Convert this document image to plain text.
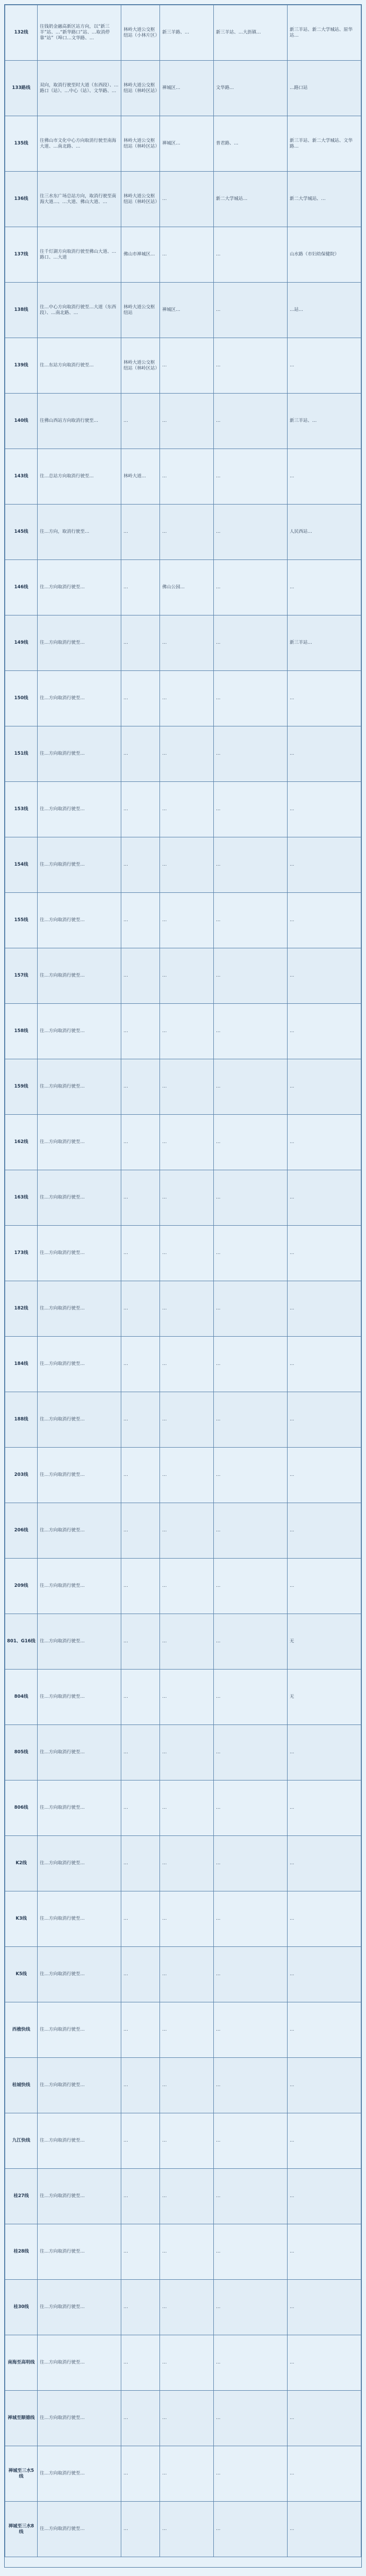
132线	往钱奶金融高新区站方向，以“新三羊”站、…“新华路口”站、…取消停靠“站”（埠口…文华路、…	林岭大道公交枢纽站（小林片区）	新三羊路、…	新三羊站、…大沥镇…	新三羊站、新二大学城站、原华站…
133路线	双向，取消行驶至时大道（东西段）、…路口（站）、…中心（站）、文华路、…	林岭大道公交枢纽站（林岭区站）	禅城区…	文华路…	…路口站
135线	往佛山市文化中心方向取消行驶至南海大道、…南北路、…	林岭大道公交枢纽站（林岭区站）	禅城区…	普君路、…	新三羊站、新二大学城站、文华路…
136线	往三水东广场总站方向，取消行驶至南海大道…、…大道、佛山大道、…	林岭大道公交枢纽站（林岭区站）	…	新二大学城站…	新二大学城站、…
137线	往千灯湖方向取消行驶至佛山大道、…路口、…大道	佛山市禅城区…	…	…	山水路（市妇幼保健院）
138线	往…中心方向取消行驶至…大道（东西段）、…南北路、…	林岭大道公交枢纽站	禅城区…	…	…站…
139线	往…东站方向取消行驶至…	林岭大道公交枢纽站（林岭区站）	…	…	…
140线	往佛山西站方向取消行驶至…	…	…	…	新三羊站、…
143线	往…总站方向取消行驶至…	林岭大道…	…	…	…
145线	往…方向，取消行驶至…	…	…	…	人民西站…
146线	往…方向取消行驶至…	…	佛山公园…	…	…
149线	往…方向取消行驶至…	…	…	…	新三羊站…
150线	往…方向取消行驶至…	…	…	…	…
151线	往…方向取消行驶至…	…	…	…	…
153线	往…方向取消行驶至…	…	…	…	…
154线	往…方向取消行驶至…	…	…	…	…
155线	往…方向取消行驶至…	…	…	…	…
157线	往…方向取消行驶至…	…	…	…	…
158线	往…方向取消行驶至…	…	…	…	…
159线	往…方向取消行驶至…	…	…	…	…
162线	往…方向取消行驶至…	…	…	…	…
163线	往…方向取消行驶至…	…	…	…	…
173线	往…方向取消行驶至…	…	…	…	…
182线	往…方向取消行驶至…	…	…	…	…
184线	往…方向取消行驶至…	…	…	…	…
188线	往…方向取消行驶至…	…	…	…	…
203线	往…方向取消行驶至…	…	…	…	…
206线	往…方向取消行驶至…	…	…	…	…
209线	往…方向取消行驶至…	…	…	…	…
801、G16线	往…方向取消行驶至…	…	…	…	无
804线	往…方向取消行驶至…	…	…	…	无
805线	往…方向取消行驶至…	…	…	…	…
806线	往…方向取消行驶至…	…	…	…	…
K2线	往…方向取消行驶至…	…	…	…	…
K3线	往…方向取消行驶至…	…	…	…	…
K5线	往…方向取消行驶至…	…	…	…	…
西樵快线	往…方向取消行驶至…	…	…	…	…
桂城快线	往…方向取消行驶至…	…	…	…	…
九江快线	往…方向取消行驶至…	…	…	…	…
桂27线	往…方向取消行驶至…	…	…	…	…
桂28线	往…方向取消行驶至…	…	…	…	…
桂30线	往…方向取消行驶至…	…	…	…	…
南海至高明线	往…方向取消行驶至…	…	…	…	…
禅城至顺德线	往…方向取消行驶至…	…	…	…	…
禅城至三水5线	往…方向取消行驶至…	…	…	…	…
禅城至三水8线	往…方向取消行驶至…	…	…	…	…
